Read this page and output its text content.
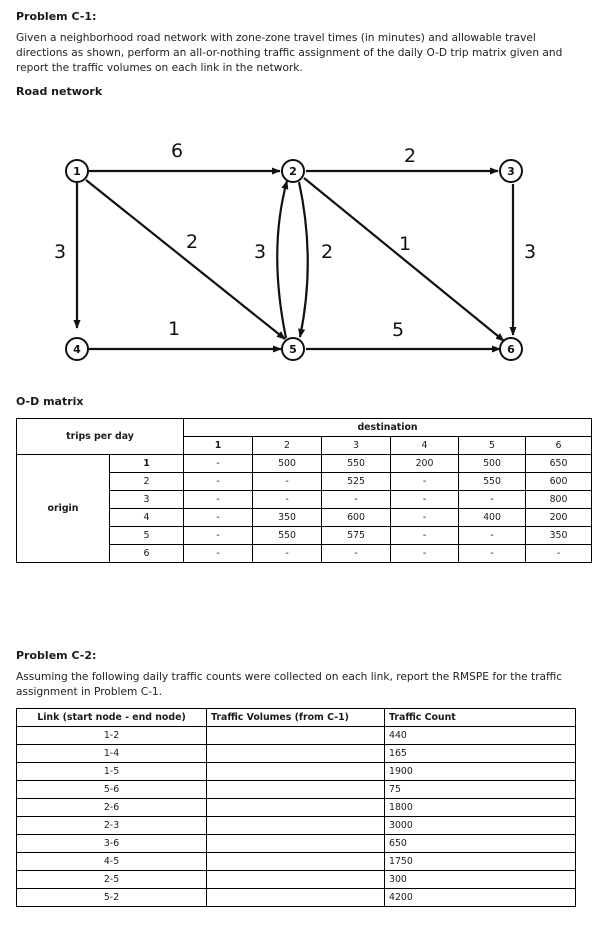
Problem C-1:
Given a neighborhood road network with zone-zone travel times (in minutes) and allowable travel
directions as shown, perform an all-or-nothing traffic assignment of the daily O-D trip matrix given and
report the traffic volumes on each link in the network.
Road network
1	2	3
4	5	6
6	2
3	2	3	2	1	3
1	5
O-D matrix
trips per day		destination					
		1	2	3	4	5	6
origin	1	-	500	550	200	500	650
	2	-	-	525	-	550	600
	3	-	-	-	-	-	800
	4	-	350	600	-	400	200
	5	-	550	575	-	-	350
	6	-	-	-	-	-	-
Problem C-2:
Assuming the following daily traffic counts were collected on each link, report the RMSPE for the traffic
assignment in Problem C-1.
Link (start node - end node)	Traffic Volumes (from C-1)	Traffic Count
1-2		440
1-4		165
1-5		1900
5-6		75
2-6		1800
2-3		3000
3-6		650
4-5		1750
2-5		300
5-2		4200
